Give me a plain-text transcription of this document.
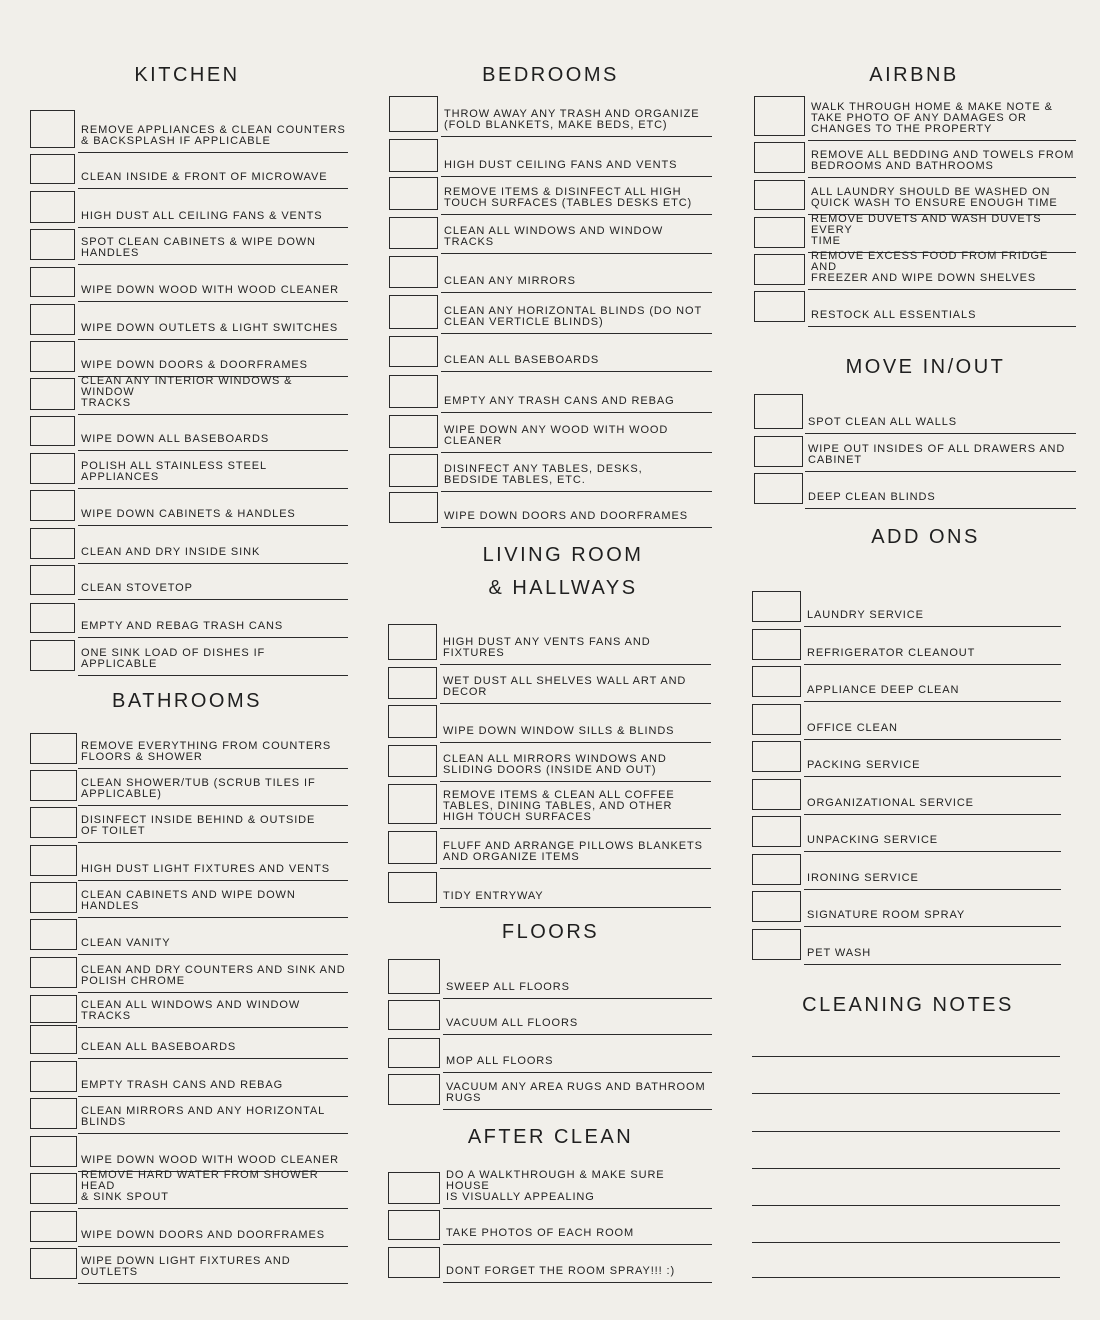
KITCHEN
BATHROOMS
BEDROOMS
LIVING ROOM
& HALLWAYS
FLOORS
AFTER CLEAN
AIRBNB
MOVE IN/OUT
ADD ONS
CLEANING NOTES
REMOVE APPLIANCES & CLEAN COUNTERS
& BACKSPLASH IF APPLICABLE
CLEAN INSIDE & FRONT OF MICROWAVE
HIGH DUST ALL CEILING FANS & VENTS
SPOT CLEAN CABINETS & WIPE DOWN
HANDLES
WIPE DOWN WOOD WITH WOOD CLEANER
WIPE DOWN OUTLETS & LIGHT SWITCHES
WIPE DOWN DOORS & DOORFRAMES
CLEAN ANY INTERIOR WINDOWS & WINDOW
TRACKS
WIPE DOWN ALL BASEBOARDS
POLISH ALL STAINLESS STEEL
APPLIANCES
WIPE DOWN CABINETS & HANDLES
CLEAN AND DRY INSIDE SINK
CLEAN STOVETOP
EMPTY AND REBAG TRASH CANS
ONE SINK LOAD OF DISHES IF
APPLICABLE
REMOVE EVERYTHING FROM COUNTERS
FLOORS & SHOWER
CLEAN SHOWER/TUB (SCRUB TILES IF
APPLICABLE)
DISINFECT INSIDE BEHIND & OUTSIDE
OF TOILET
HIGH DUST LIGHT FIXTURES AND VENTS
CLEAN CABINETS AND WIPE DOWN
HANDLES
CLEAN VANITY
CLEAN AND DRY COUNTERS AND SINK AND
POLISH CHROME
CLEAN ALL WINDOWS AND WINDOW TRACKS
CLEAN ALL BASEBOARDS
EMPTY TRASH CANS AND REBAG
CLEAN MIRRORS AND ANY HORIZONTAL
BLINDS
WIPE DOWN WOOD WITH WOOD CLEANER
REMOVE HARD WATER FROM SHOWER HEAD
& SINK SPOUT
WIPE DOWN DOORS AND DOORFRAMES
WIPE DOWN LIGHT FIXTURES AND
OUTLETS
THROW AWAY ANY TRASH AND ORGANIZE
(FOLD BLANKETS, MAKE BEDS, ETC)
HIGH DUST CEILING FANS AND VENTS
REMOVE ITEMS & DISINFECT ALL HIGH
TOUCH SURFACES (TABLES DESKS ETC)
CLEAN ALL WINDOWS AND WINDOW TRACKS
CLEAN ANY MIRRORS
CLEAN ANY HORIZONTAL BLINDS (DO NOT
CLEAN VERTICLE BLINDS)
CLEAN ALL BASEBOARDS
EMPTY ANY TRASH CANS AND REBAG
WIPE DOWN ANY WOOD WITH WOOD
CLEANER
DISINFECT ANY TABLES, DESKS,
BEDSIDE TABLES, ETC.
WIPE DOWN DOORS AND DOORFRAMES
HIGH DUST ANY VENTS FANS AND
FIXTURES
WET DUST ALL SHELVES WALL ART AND
DECOR
WIPE DOWN WINDOW SILLS & BLINDS
CLEAN ALL MIRRORS WINDOWS AND
SLIDING DOORS (INSIDE AND OUT)
REMOVE ITEMS & CLEAN ALL COFFEE
TABLES, DINING TABLES, AND OTHER
HIGH TOUCH SURFACES
FLUFF AND ARRANGE PILLOWS BLANKETS
AND ORGANIZE ITEMS
TIDY ENTRYWAY
SWEEP ALL FLOORS
VACUUM ALL FLOORS
MOP ALL FLOORS
VACUUM ANY AREA RUGS AND BATHROOM
RUGS
DO A WALKTHROUGH & MAKE SURE HOUSE
IS VISUALLY APPEALING
TAKE PHOTOS OF EACH ROOM
DONT FORGET THE ROOM SPRAY!!! :)
WALK THROUGH HOME & MAKE NOTE &
TAKE PHOTO OF ANY DAMAGES OR
CHANGES TO THE PROPERTY
REMOVE ALL BEDDING AND TOWELS FROM
BEDROOMS AND BATHROOMS
ALL LAUNDRY SHOULD BE WASHED ON
QUICK WASH TO ENSURE ENOUGH TIME
REMOVE DUVETS AND WASH DUVETS EVERY
TIME
REMOVE EXCESS FOOD FROM FRIDGE AND
FREEZER AND WIPE DOWN SHELVES
RESTOCK ALL ESSENTIALS
SPOT CLEAN ALL WALLS
WIPE OUT INSIDES OF ALL DRAWERS AND
CABINET
DEEP CLEAN BLINDS
LAUNDRY SERVICE
REFRIGERATOR CLEANOUT
APPLIANCE DEEP CLEAN
OFFICE CLEAN
PACKING SERVICE
ORGANIZATIONAL SERVICE
UNPACKING SERVICE
IRONING SERVICE
SIGNATURE ROOM SPRAY
PET WASH
